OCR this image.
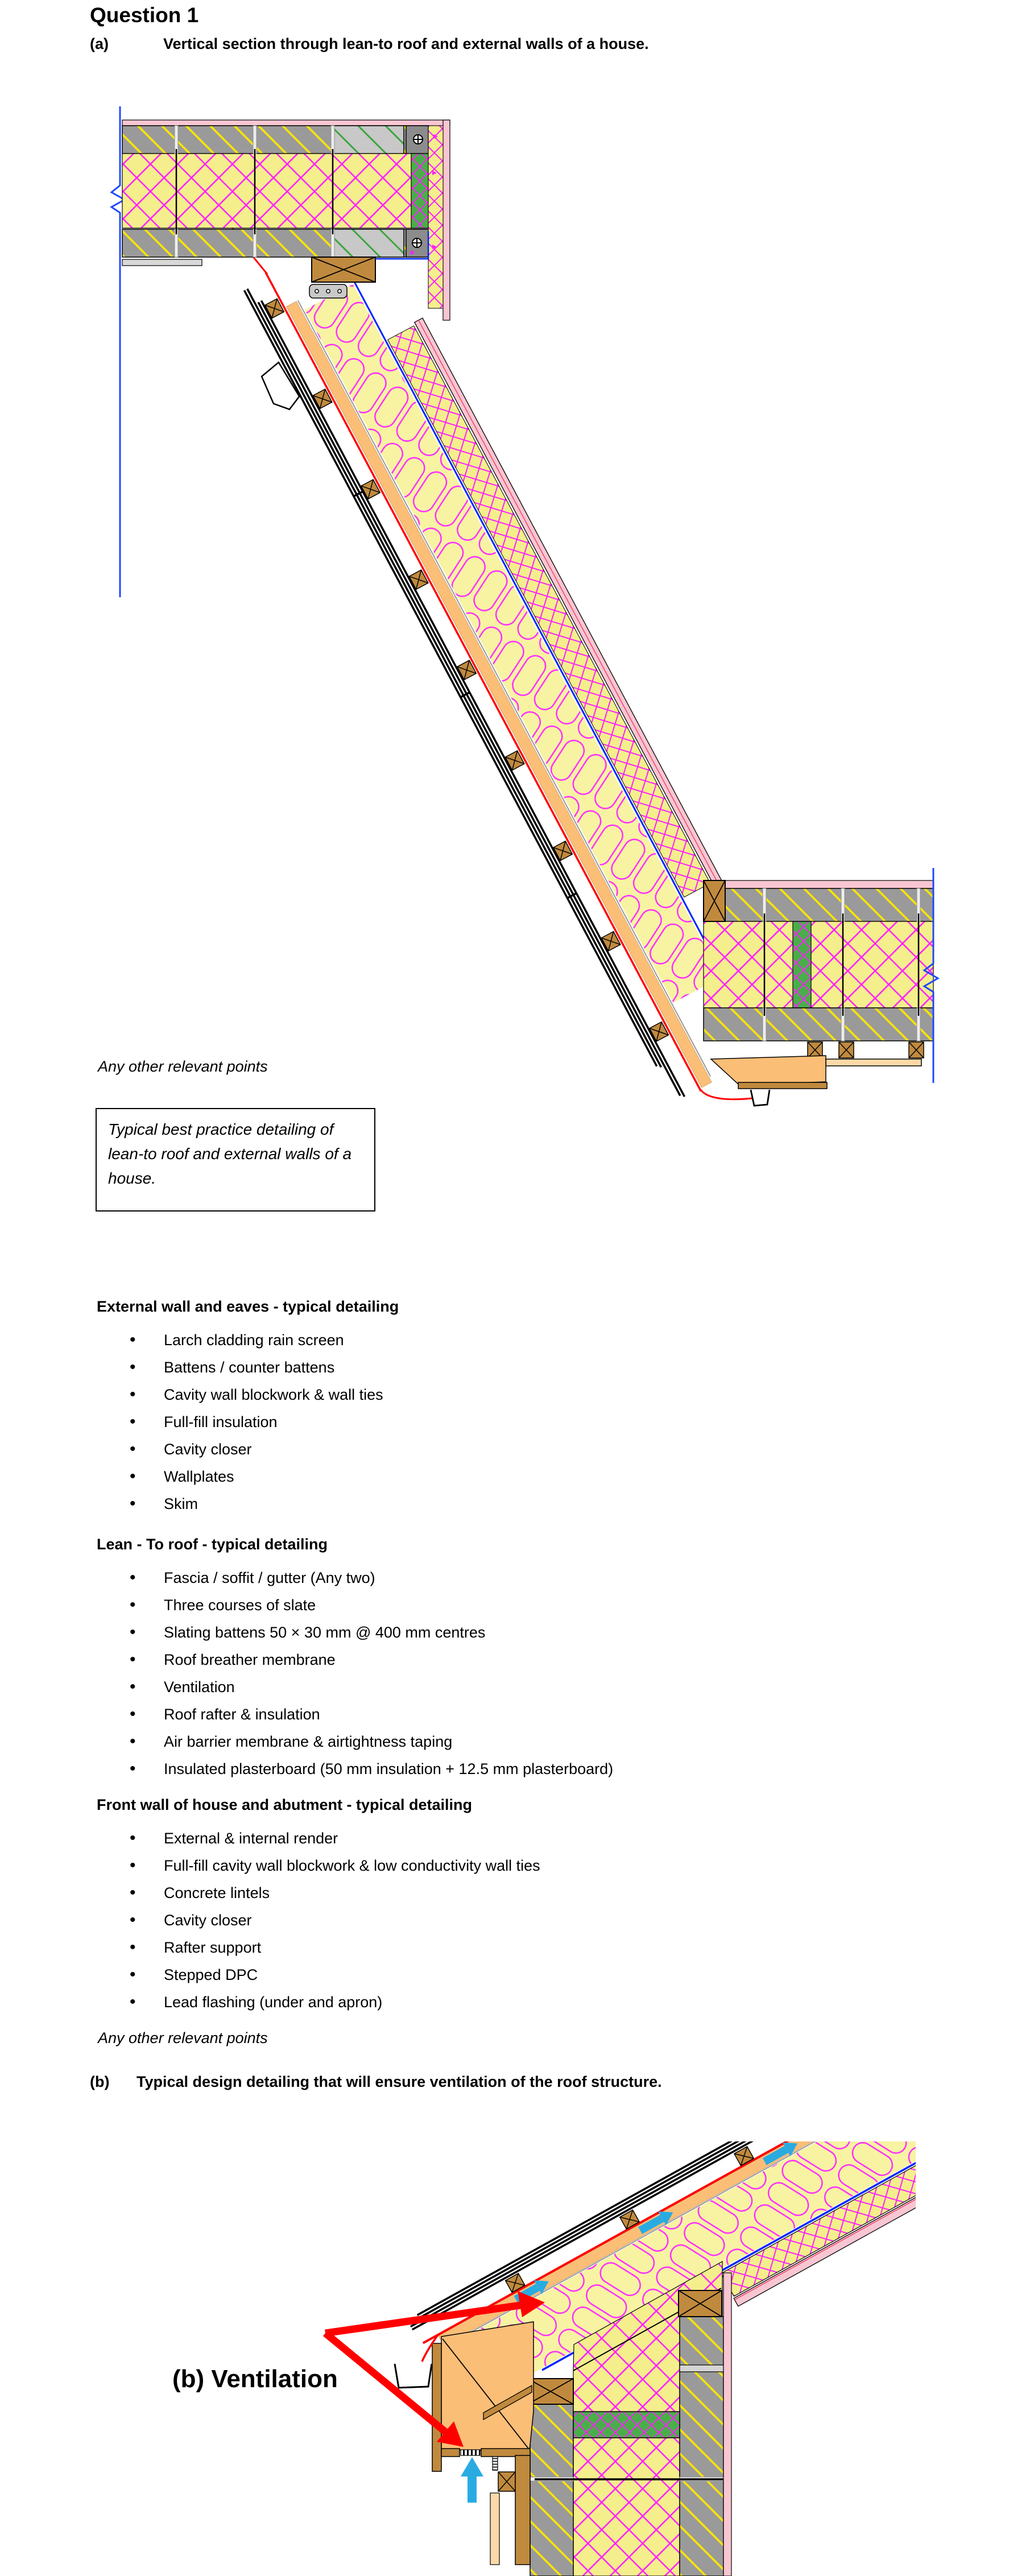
Question 1
(a)	Vertical section through lean-to roof and external walls of a house.
Any other relevant points
Typical best practice detailing of lean-to roof and external walls of a house.
External wall and eaves - typical detailing
• Larch cladding rain screen
• Battens / counter battens
• Cavity wall blockwork & wall ties
• Full-fill insulation
• Cavity closer
• Wallplates
• Skim
Lean - To roof - typical detailing
• Fascia / soffit / gutter (Any two)
• Three courses of slate
• Slating battens 50 × 30 mm @ 400 mm centres
• Roof breather membrane
• Ventilation
• Roof rafter & insulation
• Air barrier membrane & airtightness taping
• Insulated plasterboard (50 mm insulation + 12.5 mm plasterboard)
Front wall of house and abutment - typical detailing
• External & internal render
• Full-fill cavity wall blockwork & low conductivity wall ties
• Concrete lintels
• Cavity closer
• Rafter support
• Stepped DPC
• Lead flashing (under and apron)
Any other relevant points
(b) Typical design detailing that will ensure ventilation of the roof structure.
(b) Ventilation
